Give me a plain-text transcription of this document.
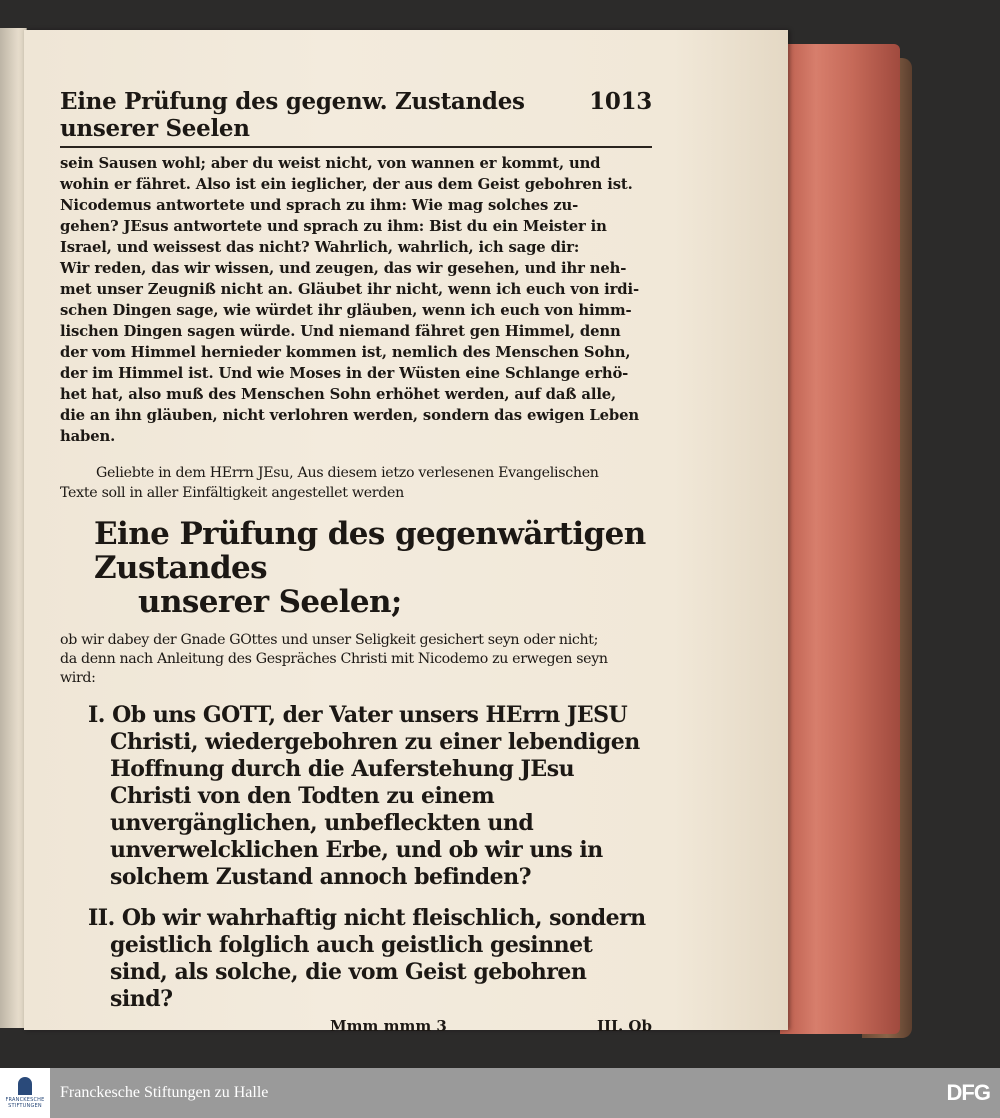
Eine Prüfung des gegenw. Zustandes unserer Seelen
1013
sein Sausen wohl; aber du weist nicht, von wannen er kommt, und
wohin er fähret. Also ist ein ieglicher, der aus dem Geist gebohren ist.
Nicodemus antwortete und sprach zu ihm: Wie mag solches zu-
gehen? JEsus antwortete und sprach zu ihm: Bist du ein Meister in
Israel, und weissest das nicht? Wahrlich, wahrlich, ich sage dir:
Wir reden, das wir wissen, und zeugen, das wir gesehen, und ihr neh-
met unser Zeugniß nicht an. Gläubet ihr nicht, wenn ich euch von irdi-
schen Dingen sage, wie würdet ihr gläuben, wenn ich euch von himm-
lischen Dingen sagen würde. Und niemand fähret gen Himmel, denn
der vom Himmel hernieder kommen ist, nemlich des Menschen Sohn,
der im Himmel ist. Und wie Moses in der Wüsten eine Schlange erhö-
het hat, also muß des Menschen Sohn erhöhet werden, auf daß alle,
die an ihn gläuben, nicht verlohren werden, sondern das ewigen Leben
haben.
Geliebte in dem HErrn JEsu, Aus diesem ietzo verlesenen Evangelischen
Texte soll in aller Einfältigkeit angestellet werden
Eine Prüfung des gegenwärtigen Zustandes
unserer Seelen;
ob wir dabey der Gnade GOttes und unser Seligkeit gesichert seyn oder nicht;
da denn nach Anleitung des Gespräches Christi mit Nicodemo zu erwegen seyn
wird:
I. Ob uns GOTT, der Vater unsers HErrn JESU Christi, wiedergebohren zu einer lebendigen Hoffnung durch die Auferstehung JEsu Christi von den Todten zu einem unvergänglichen, unbefleckten und unverwelcklichen Erbe, und ob wir uns in solchem Zustand annoch befinden?
II. Ob wir wahrhaftig nicht fleischlich, sondern geistlich folglich auch geistlich gesinnet sind, als solche, die vom Geist gebohren sind?
Mmm mmm 3	III. Ob
FRANCKESCHE STIFTUNGEN
Franckesche Stiftungen zu Halle	DFG
